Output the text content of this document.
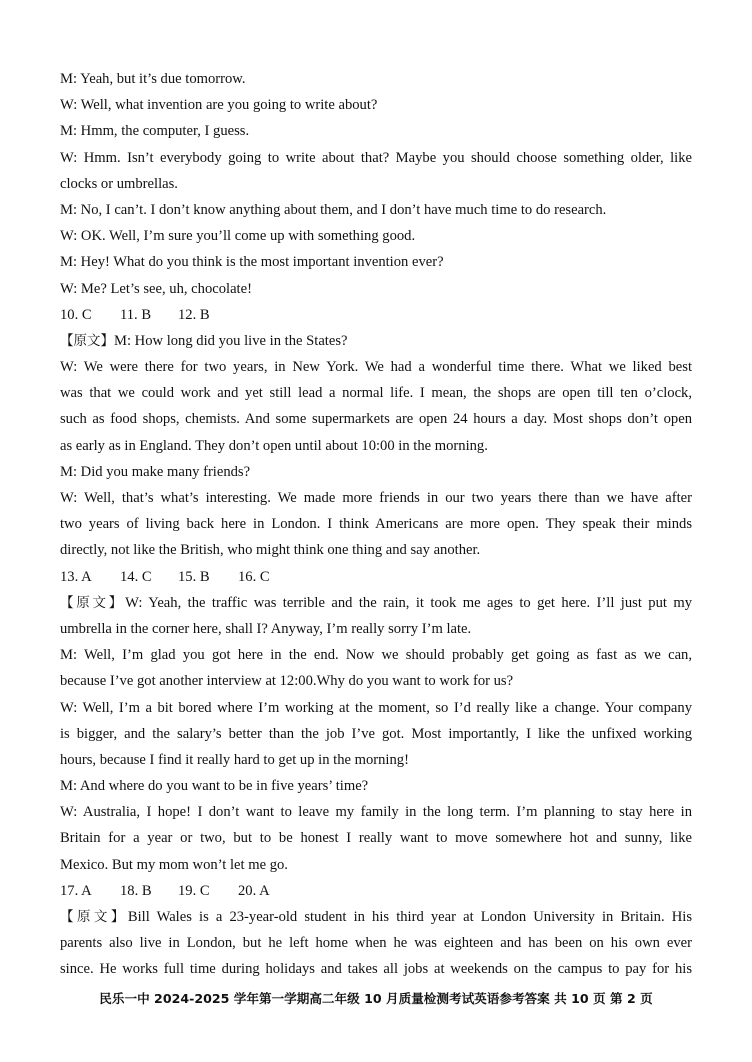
M: Yeah, but it’s due tomorrow.
W: Well, what invention are you going to write about?
M: Hmm, the computer, I guess.
W: Hmm. Isn’t everybody going to write about that? Maybe you should choose something older, like
clocks or umbrellas.
M: No, I can’t. I don’t know anything about them, and I don’t have much time to do research.
W: OK. Well, I’m sure you’ll come up with something good.
M: Hey! What do you think is the most important invention ever?
W: Me? Let’s see, uh, chocolate!
10. C 11. B 12. B
【原文】M: How long did you live in the States?
W: We were there for two years, in New York. We had a wonderful time there. What we liked best
was that we could work and yet still lead a normal life. I mean, the shops are open till ten o’clock,
such as food shops, chemists. And some supermarkets are open 24 hours a day. Most shops don’t open
as early as in England. They don’t open until about 10:00 in the morning.
M: Did you make many friends?
W: Well, that’s what’s interesting. We made more friends in our two years there than we have after
two years of living back here in London. I think Americans are more open. They speak their minds
directly, not like the British, who might think one thing and say another.
13. A 14. C 15. B 16. C
【原文】W: Yeah, the traffic was terrible and the rain, it took me ages to get here. I’ll just put my
umbrella in the corner here, shall I? Anyway, I’m really sorry I’m late.
M: Well, I’m glad you got here in the end. Now we should probably get going as fast as we can,
because I’ve got another interview at 12:00.Why do you want to work for us?
W: Well, I’m a bit bored where I’m working at the moment, so I’d really like a change. Your company
is bigger, and the salary’s better than the job I’ve got. Most importantly, I like the unfixed working
hours, because I find it really hard to get up in the morning!
M: And where do you want to be in five years’ time?
W: Australia, I hope! I don’t want to leave my family in the long term. I’m planning to stay here in
Britain for a year or two, but to be honest I really want to move somewhere hot and sunny, like
Mexico. But my mom won’t let me go.
17. A 18. B 19. C 20. A
【原文】Bill Wales is a 23-year-old student in his third year at London University in Britain. His
parents also live in London, but he left home when he was eighteen and has been on his own ever
since. He works full time during holidays and takes all jobs at weekends on the campus to pay for his
民乐一中 2024-2025 学年第一学期高二年级 10 月质量检测考试英语参考答案 共 10 页 第 2 页
